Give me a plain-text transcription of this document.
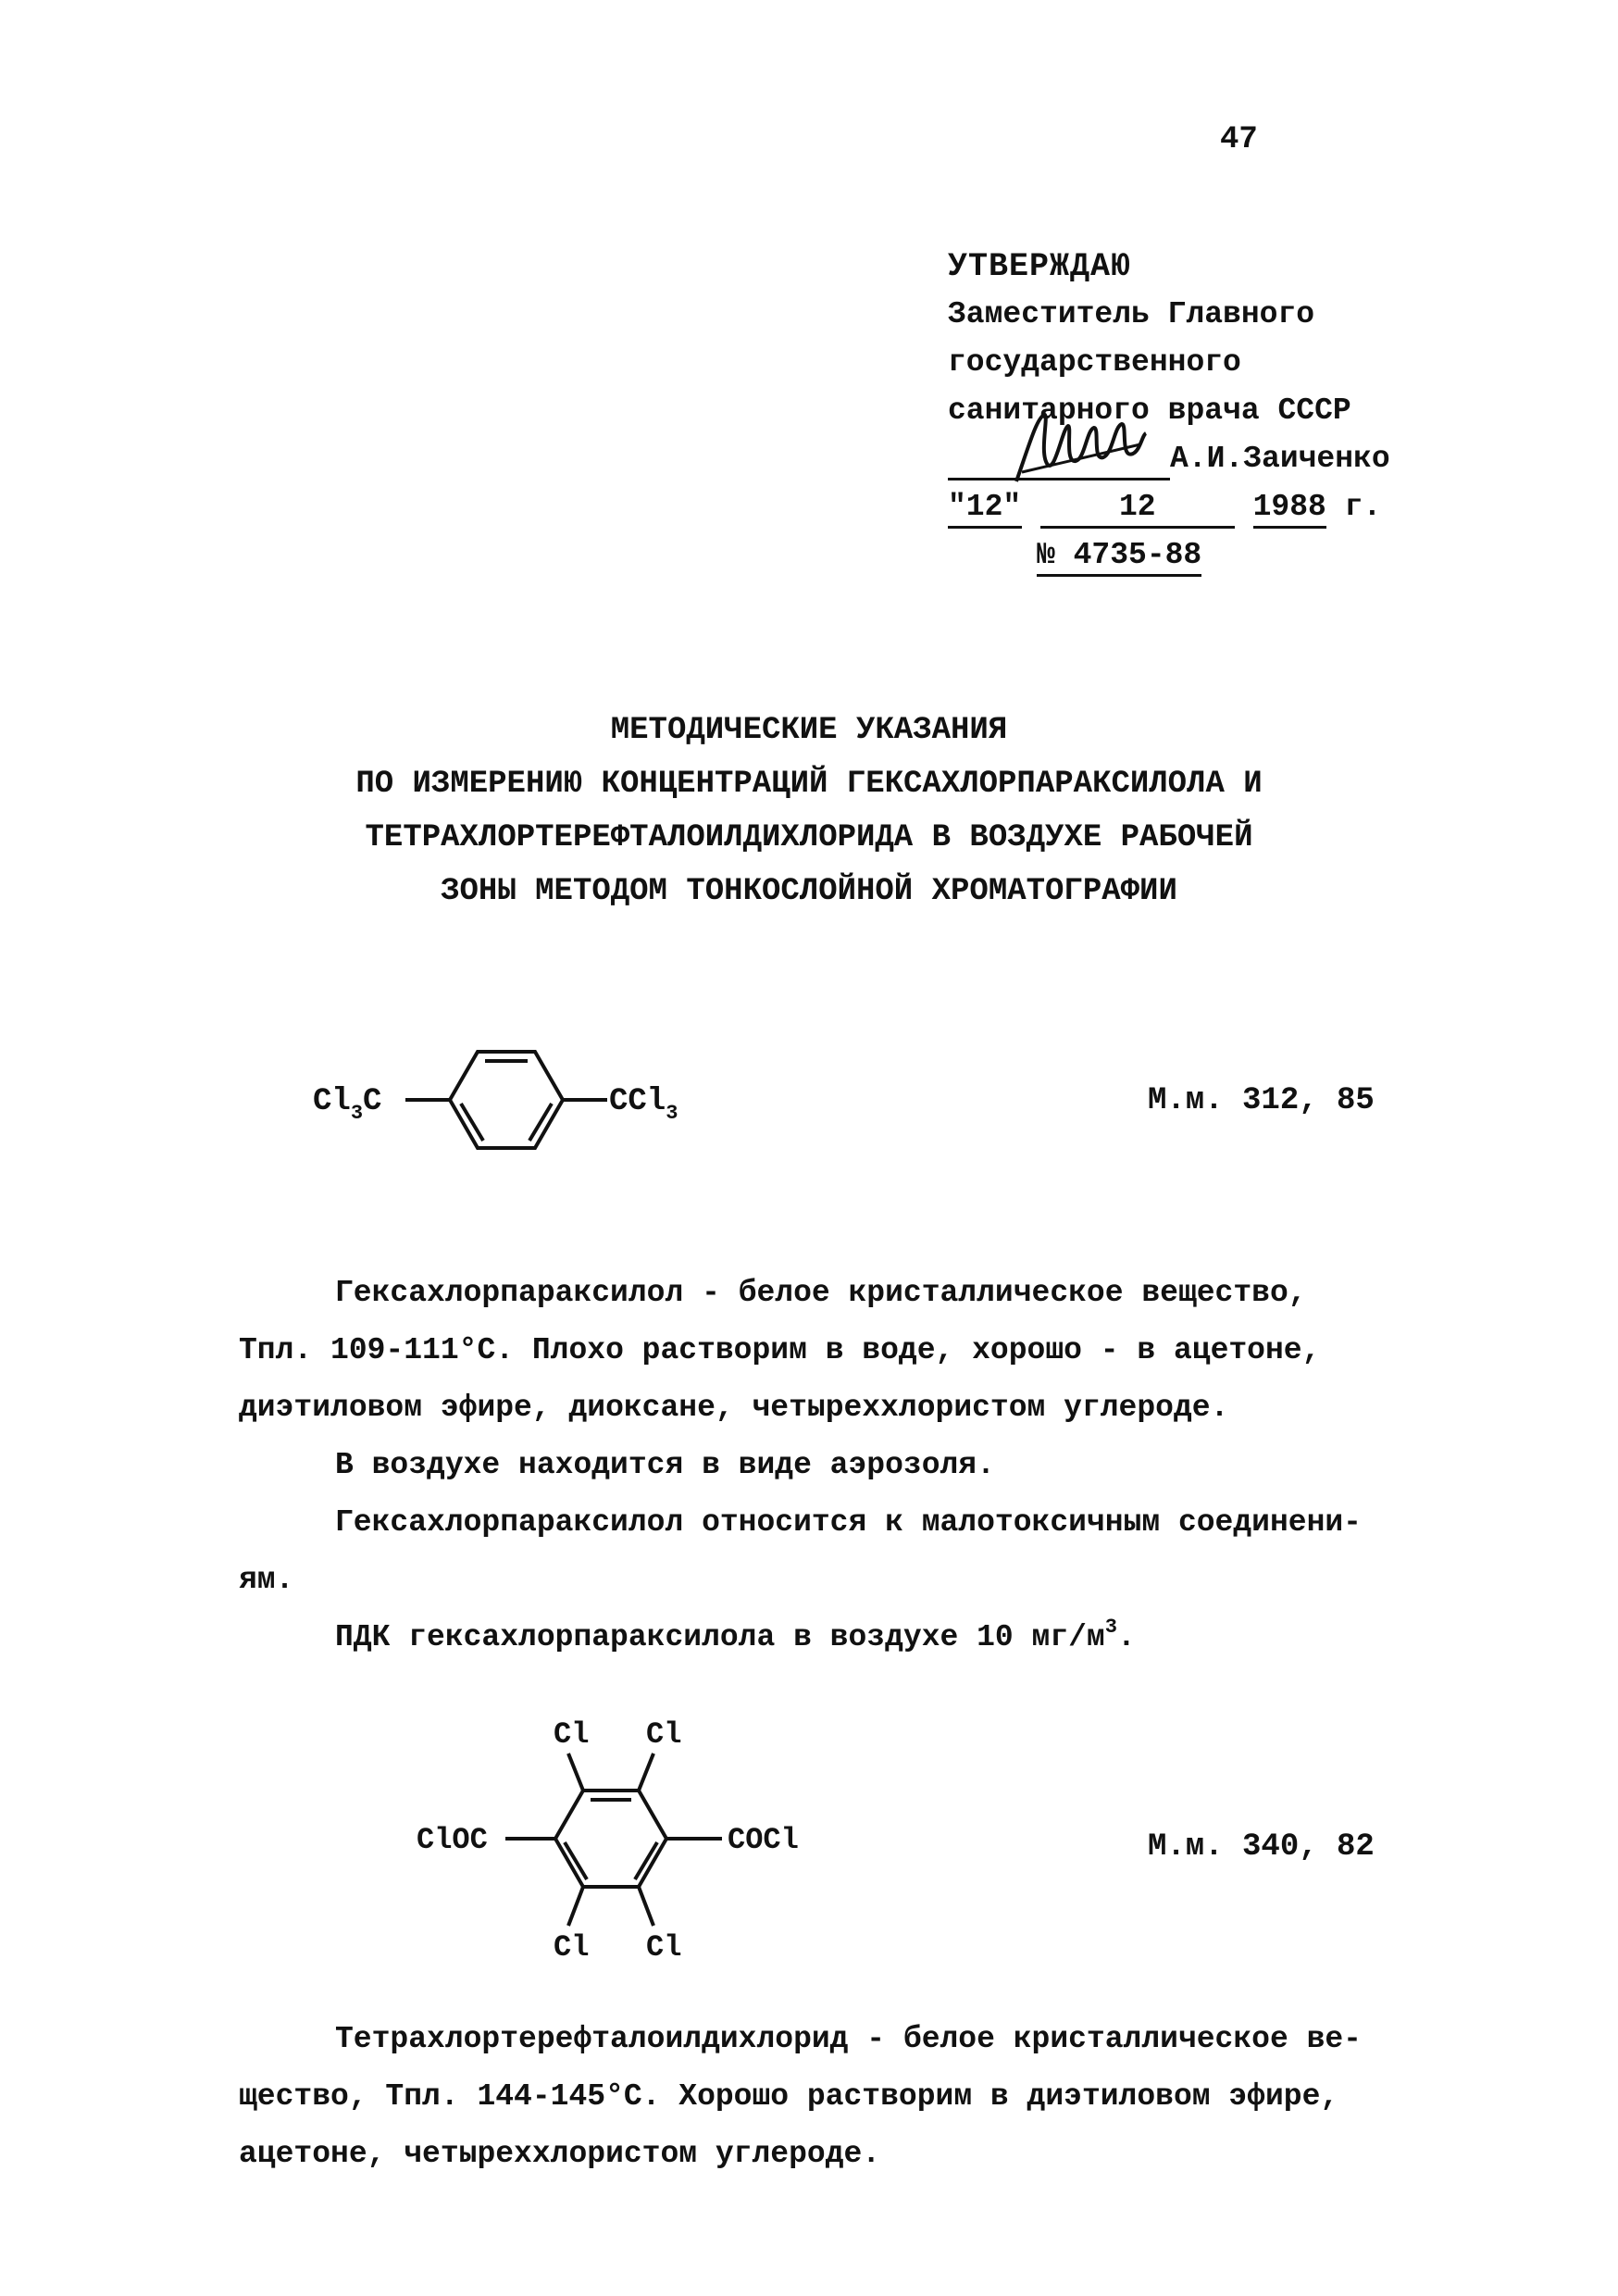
47
УТВЕРЖДАЮ
Заместитель Главного
государственного
санитарного врача СССР

А.И.Заиченко
"12"	12	1988 г.
№ 4735-88
МЕТОДИЧЕСКИЕ УКАЗАНИЯ
ПО ИЗМЕРЕНИЮ КОНЦЕНТРАЦИЙ ГЕКСАХЛОРПАРАКСИЛОЛА И
ТЕТРАХЛОРТЕРЕФТАЛОИЛДИХЛОРИДА В ВОЗДУХЕ РАБОЧЕЙ
ЗОНЫ МЕТОДОМ ТОНКОСЛОЙНОЙ ХРОМАТОГРАФИИ
$Cl_3C$	CCl$_3$	М.м. 312, 85
Гексахлорпараксилол - белое кристаллическое вещество,
Тпл. 109-111°С. Плохо растворим в воде, хорошо - в ацетоне,
диэтиловом эфире, диоксане, четыреххлористом углероде.
В воздухе находится в виде аэрозоля.
Гексахлорпараксилол относится к малотоксичным соединени-
ям.
ПДК гексахлорпараксилола в воздухе 10 $мг/м^3$.
Cl Cl
Cl Cl
ClOC	COCl	М.м. 340, 82
Тетрахлортерефталоилдихлорид - белое кристаллическое ве-
щество, Тпл. 144-145°С. Хорошо растворим в диэтиловом эфире,
ацетоне, четыреххлористом углероде.
